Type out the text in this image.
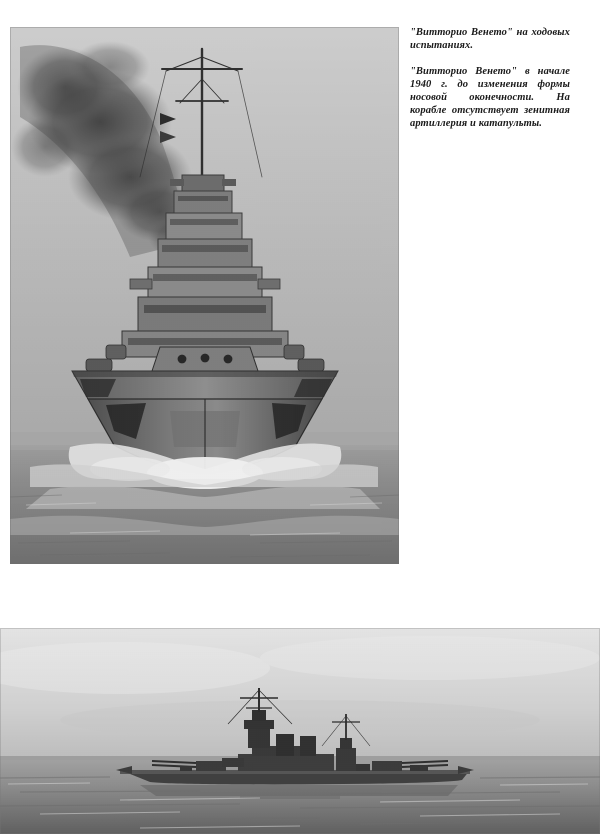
"Витторио Венето" на ходовых испытаниях.
"Витторио Венето" в начале 1940 г. до изменения формы носовой оконечности. На корабле отсутствует зенитная артиллерия и катапульты.
